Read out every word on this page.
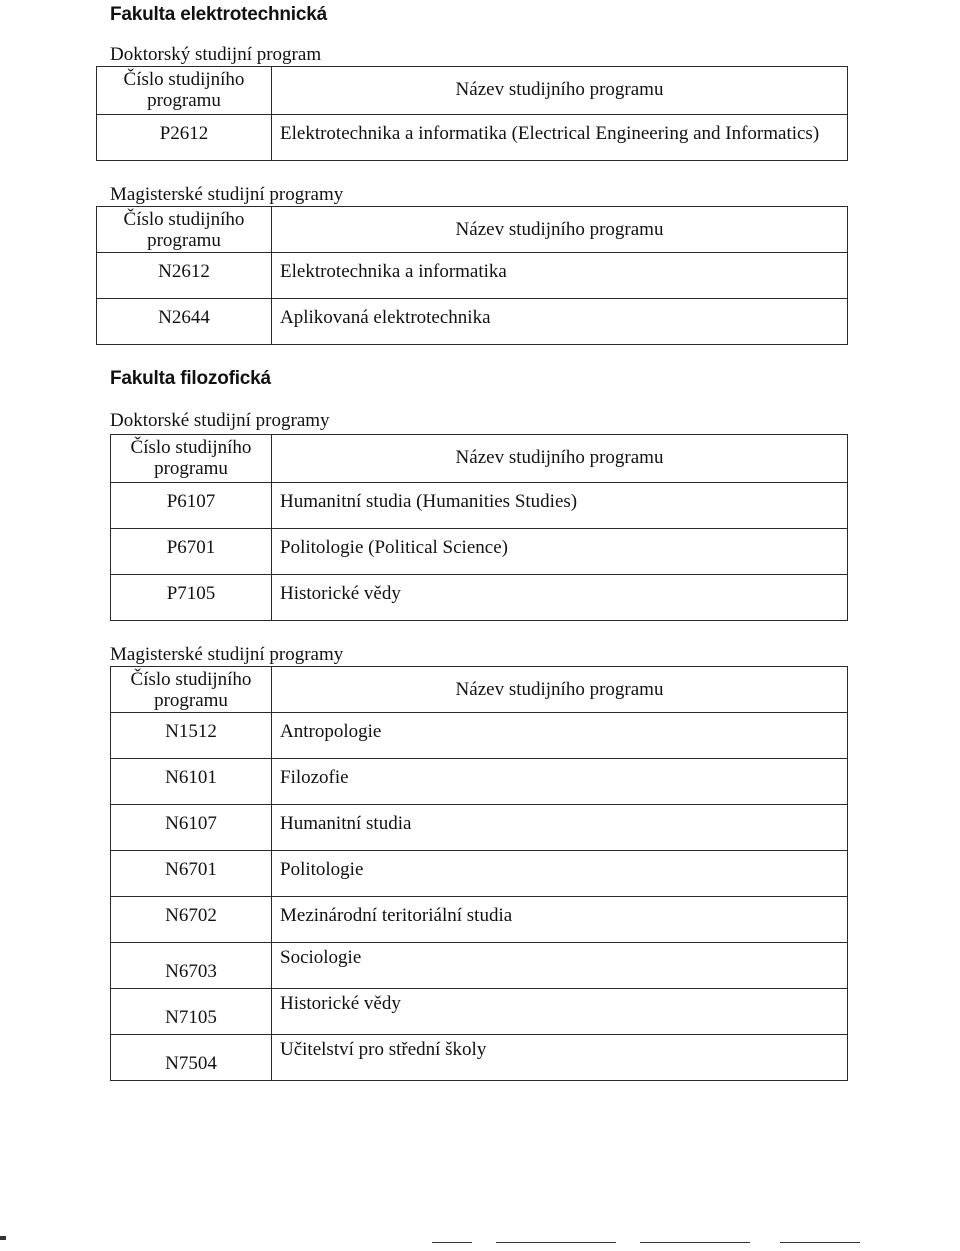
Fakulta elektrotechnická

Doktorský studijní program

Číslo studijního programu	Název studijního programu

P2612	Elektrotechnika a informatika (Electrical Engineering and Informatics)

Magisterské studijní programy

Číslo studijního programu	Název studijního programu

N2612	Elektrotechnika a informatika
N2644	Aplikovaná elektrotechnika
Fakulta filozofická

Doktorské studijní programy

Číslo studijního programu	Název studijního programu

P6107	Humanitní studia (Humanities Studies)
P6701	Politologie (Political Science)
P7105	Historické vědy

Magisterské studijní programy

Číslo studijního programu	Název studijního programu

N1512	Antropologie
N6101	Filozofie
N6107	Humanitní studia
N6701	Politologie
N6702	Mezinárodní teritoriální studia
N6703	Sociologie
N7105	Historické vědy
N7504	Učitelství pro střední školy
